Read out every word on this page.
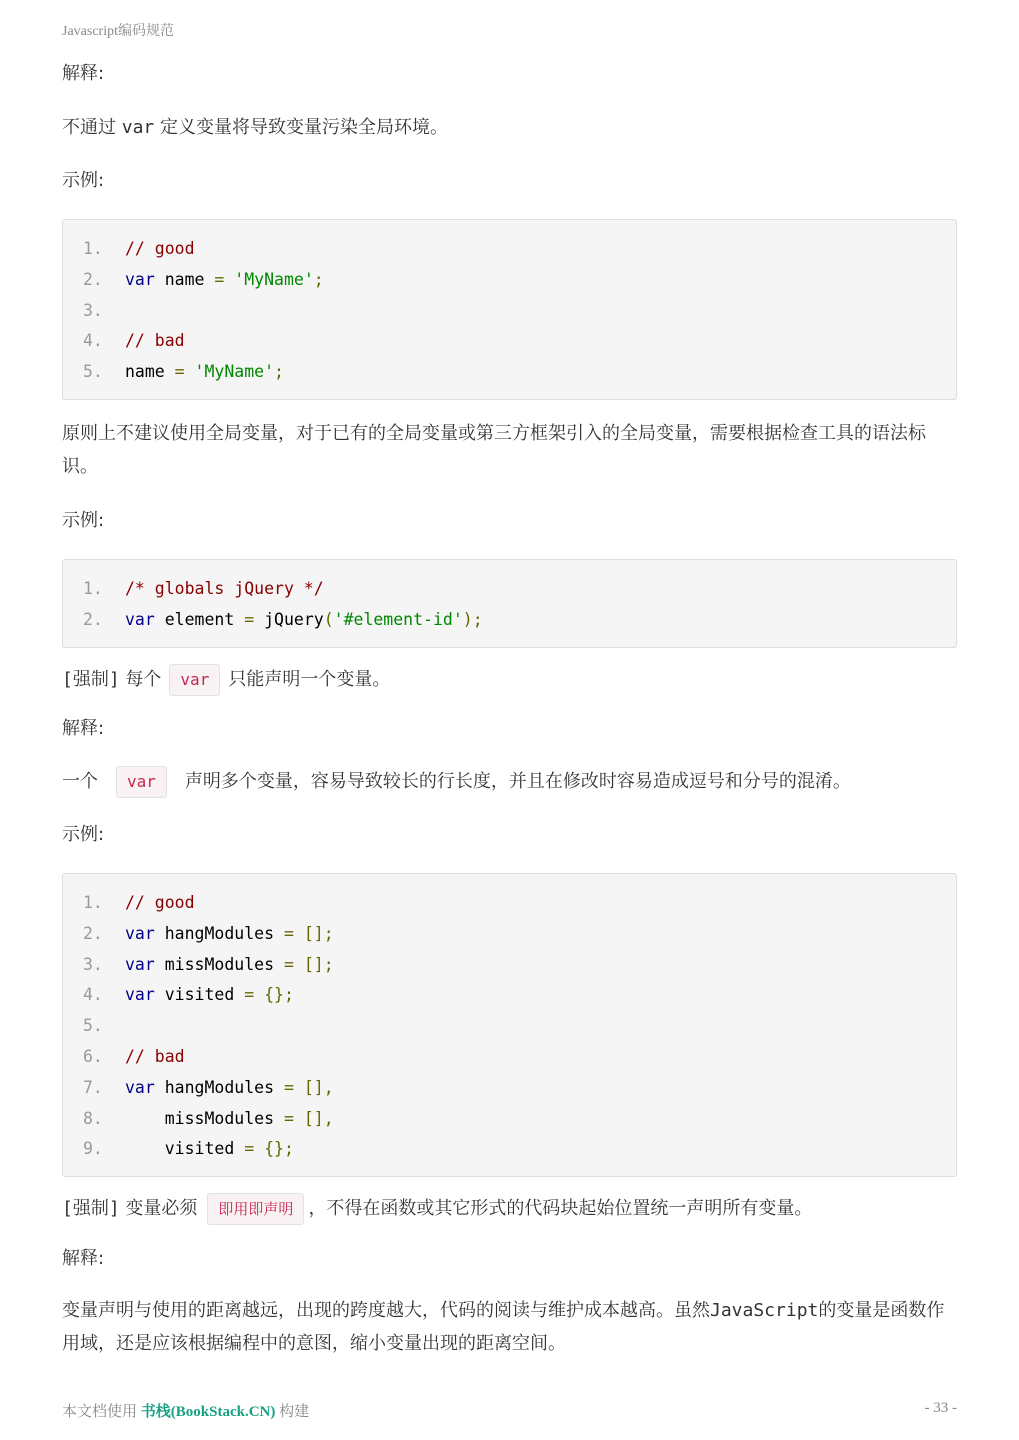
Javascript编码规范
解释:
不通过 var 定义变量将导致变量污染全局环境。
示例:
1.	// good
2.	var name = 'MyName';
3.
4.	// bad
5.	name = 'MyName';
原则上不建议使用全局变量，对于已有的全局变量或第三方框架引入的全局变量，需要根据检查工具的语法标识。
示例:
1.	/* globals jQuery */
2.	var element = jQuery('#element-id');
[强制] 每个 var 只能声明一个变量。
解释:
一个 var 声明多个变量，容易导致较长的行长度，并且在修改时容易造成逗号和分号的混淆。
示例:
1.	// good
2.	var hangModules = [];
3.	var missModules = [];
4.	var visited = {};
5.
6.	// bad
7.	var hangModules = [],
8.	missModules = [],
9.	visited = {};
[强制] 变量必须 即用即声明 ，不得在函数或其它形式的代码块起始位置统一声明所有变量。
解释:
变量声明与使用的距离越远，出现的跨度越大，代码的阅读与维护成本越高。虽然JavaScript的变量是函数作用域，还是应该根据编程中的意图，缩小变量出现的距离空间。
本文档使用 书栈(BookStack.CN) 构建	- 33 -
